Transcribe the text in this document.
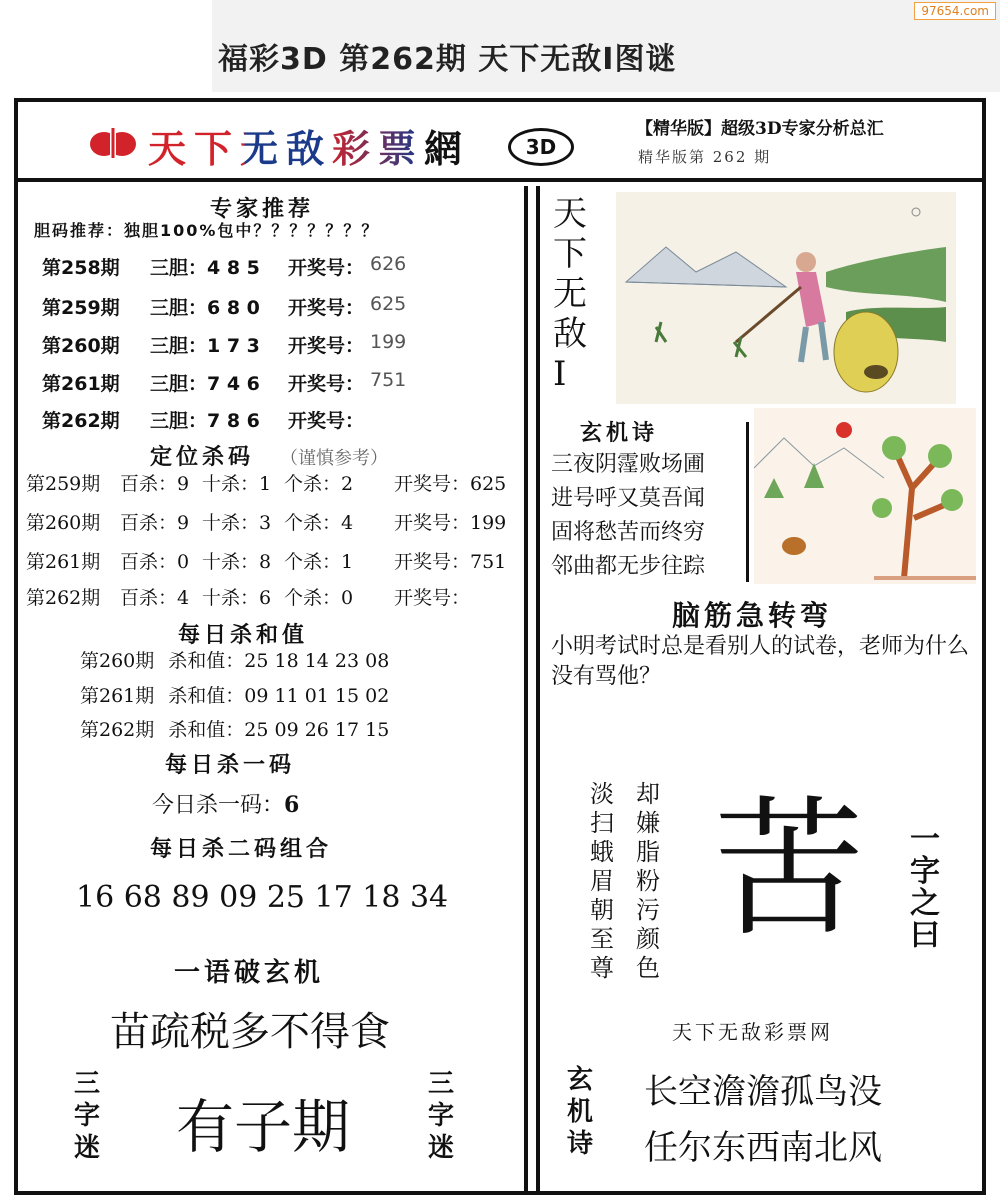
97654.com
福彩3D 第262期 天下无敌Ⅰ图谜
天下无敌彩票網	3D
【精华版】超级3D专家分析总汇
精华版第 262 期
专家推荐
胆码推荐：独胆100%包中？？？？？？？
第258期	三胆：4 8 5	开奖号： 626
第259期	三胆：6 8 0	开奖号： 625
第260期	三胆：1 7 3	开奖号： 199
第261期	三胆：7 4 6	开奖号： 751
第262期	三胆：7 8 6	开奖号：
定位杀码 （谨慎参考）
第259期 百杀：9 十杀：1 个杀：2 开奖号：625
第260期 百杀：9 十杀：3 个杀：4 开奖号：199
第261期 百杀：0 十杀：8 个杀：1 开奖号：751
第262期 百杀：4 十杀：6 个杀：0 开奖号：
每日杀和值
第260期 杀和值：25 18 14 23 08
第261期 杀和值：09 11 01 15 02
第262期 杀和值：25 09 26 17 15
每日杀一码
今日杀一码：6
每日杀二码组合
16 68 89 09 25 17 18 34
一语破玄机
苗疏税多不得食
三字迷 有子期
三字迷
天下无敌Ⅰ
玄机诗
三夜阴霪败场圃
进号呼又莫吾闻
固将愁苦而终穷
邻曲都无步往踪
脑筋急转弯
小明考试时总是看别人的试卷，老师为什么没有骂他？
淡扫蛾眉朝至尊
却嫌脂粉污颜色
苦	一字之曰
天下无敌彩票网
玄机诗
长空澹澹孤鸟没
任尔东西南北风
